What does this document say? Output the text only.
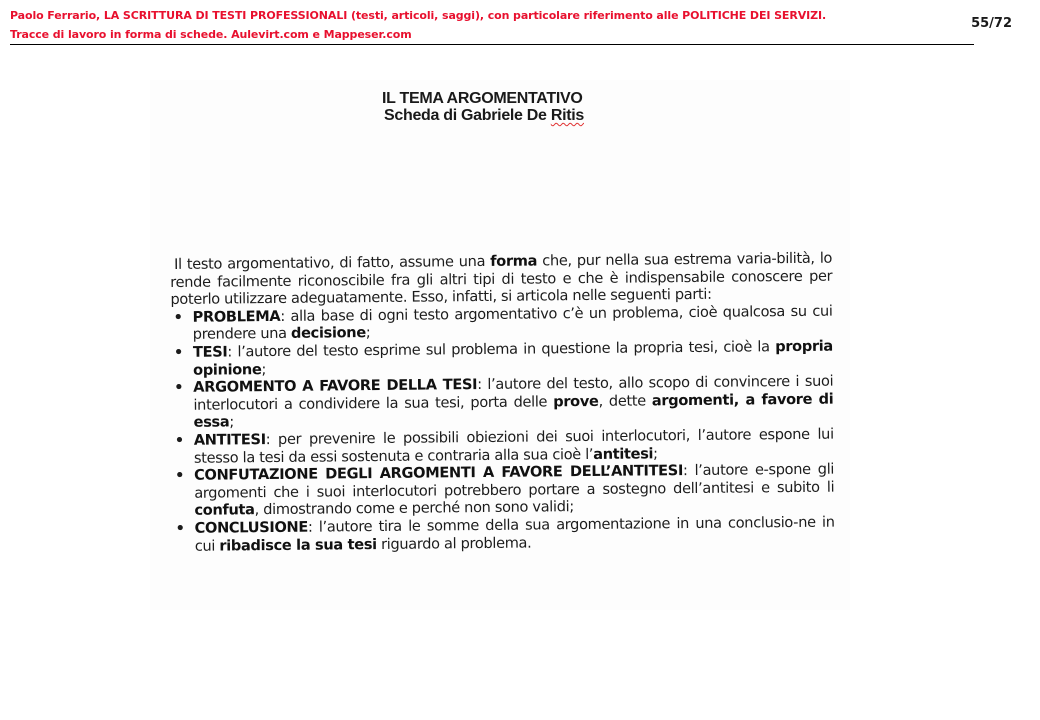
Paolo Ferrario, LA SCRITTURA DI TESTI PROFESSIONALI (testi, articoli, saggi), con particolare riferimento alle POLITICHE DEI SERVIZI.
Tracce di lavoro in forma di schede. Aulevirt.com e Mappeser.com
55/72
IL TEMA ARGOMENTATIVO
Scheda di Gabriele De Ritis

Il testo argomentativo, di fatto, assume una forma che, pur nella sua estrema varia-bilità, lo rende facilmente riconoscibile fra gli altri tipi di testo e che è indispensabile conoscere per poterlo utilizzare adeguatamente. Esso, infatti, si articola nelle seguenti parti:

• PROBLEMA: alla base di ogni testo argomentativo c’è un problema, cioè qualcosa su cui prendere una decisione;
• TESI: l’autore del testo esprime sul problema in questione la propria tesi, cioè la propria opinione;
• ARGOMENTO A FAVORE DELLA TESI: l’autore del testo, allo scopo di convincere i suoi interlocutori a condividere la sua tesi, porta delle prove, dette argomenti, a favore di essa;
• ANTITESI: per prevenire le possibili obiezioni dei suoi interlocutori, l’autore espone lui stesso la tesi da essi sostenuta e contraria alla sua cioè l’antitesi;
• CONFUTAZIONE DEGLI ARGOMENTI A FAVORE DELL’ANTITESI: l’autore e-spone gli argomenti che i suoi interlocutori potrebbero portare a sostegno dell’antitesi e subito li confuta, dimostrando come e perché non sono validi;
• CONCLUSIONE: l’autore tira le somme della sua argomentazione in una conclusio-ne in cui ribadisce la sua tesi riguardo al problema.
